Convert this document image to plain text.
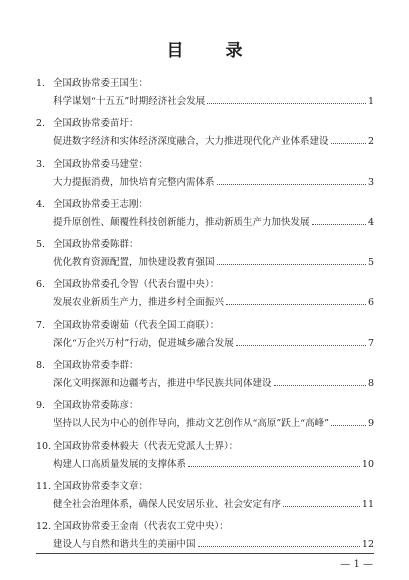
目 录
1. 全国政协常委王国生：
科学谋划“十五五”时期经济社会发展	1
2. 全国政协常委苗圩：
促进数字经济和实体经济深度融合，大力推进现代化产业体系建设	2
3. 全国政协常委马建堂：
大力提振消费，加快培育完整内需体系	3
4. 全国政协常委王志刚：
提升原创性、颠覆性科技创新能力，推动新质生产力加快发展	4
5. 全国政协常委陈群：
优化教育资源配置，加快建设教育强国	5
6. 全国政协常委孔令智（代表台盟中央）：
发展农业新质生产力，推进乡村全面振兴	6
7. 全国政协常委谢茹（代表全国工商联）：
深化“万企兴万村”行动，促进城乡融合发展	7
8. 全国政协常委李群：
深化文明探源和边疆考古，推进中华民族共同体建设	8
9. 全国政协常委陈彦：
坚持以人民为中心的创作导向，推动文艺创作从“高原”跃上“高峰”	9
10. 全国政协常委林毅夫（代表无党派人士界）：
构建人口高质量发展的支撑体系	10
11. 全国政协常委李文章：
健全社会治理体系，确保人民安居乐业、社会安定有序	11
12. 全国政协常委王金南（代表农工党中央）：
建设人与自然和谐共生的美丽中国	12
— 1 —
